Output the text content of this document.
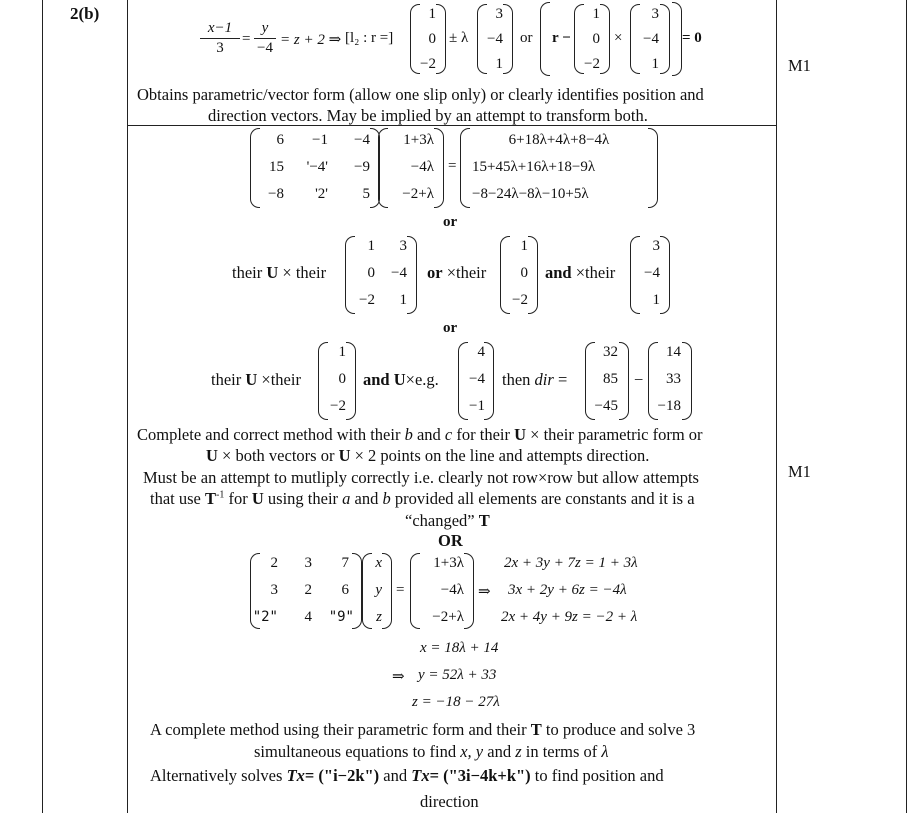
2(b)
M1
M1
x−1
3
=
y
−4 = z + 2 ⇒ [l₂ : r =]
1
0
−2
± λ
3
−4
1
or r −
1
0
−2
×
3
−4
1
= 0
Obtains parametric/vector form (allow one slip only) or clearly identifies position and
direction vectors. May be implied by an attempt to transform both.
6 −1 −4
15 '−4' −9
−8 '2' 5
1+3λ
−4λ
−2+λ
=
6+18λ+4λ+8−4λ
15+45λ+16λ+18−9λ
−8−24λ−8λ−10+5λ
or
their U × their
1 3
0 −4
−2 1
or ×their
1
0
−2
and ×their
3
−4
1
or
their U ×their
1
0
−2
and U×e.g.
4
−4
−1
then dir =
32
85
−45
−
14
33
−18
Complete and correct method with their b and c for their U × their parametric form or
U × both vectors or U × 2 points on the line and attempts direction.
Must be an attempt to mutliply correctly i.e. clearly not row×row but allow attempts
that use $T^{-1}$ for U using their a and b provided all elements are constants and it is a
“changed” T
OR
2 3 7
3 2 6
"2" 4 "9"
x
y
z
=
1+3λ
−4λ
−2+λ
⇒
2x + 3y + 7z = 1 + 3λ
3x + 2y + 6z = −4λ
2x + 4y + 9z = −2 + λ
x = 18λ + 14
⇒ y = 52λ + 33
z = −18 − 27λ
A complete method using their parametric form and their T to produce and solve 3
simultaneous equations to find x, y and z in terms of λ
Alternatively solves Tx= ("i−2k") and Tx= ("3i−4k+k") to find position and
direction
